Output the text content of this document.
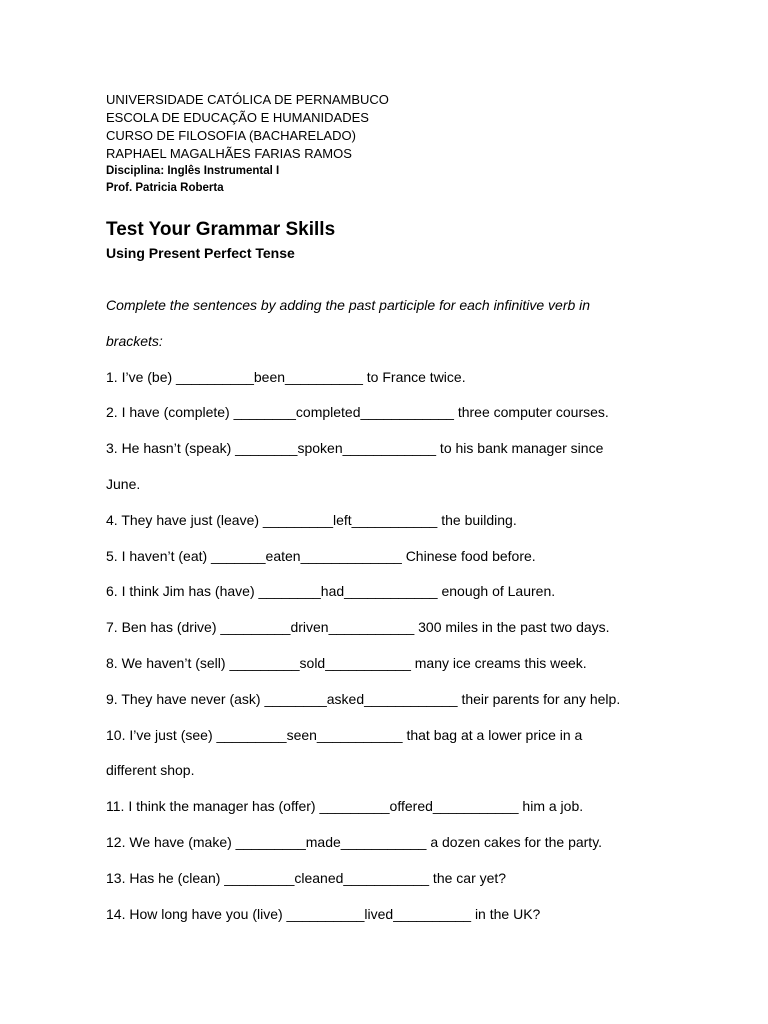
UNIVERSIDADE CATÓLICA DE PERNAMBUCO
ESCOLA DE EDUCAÇÃO E HUMANIDADES
CURSO DE FILOSOFIA (BACHARELADO)
RAPHAEL MAGALHÃES FARIAS RAMOS
Disciplina: Inglês Instrumental I
Prof. Patricia Roberta
Test Your Grammar Skills
Using Present Perfect Tense
Complete the sentences by adding the past participle for each infinitive verb in
brackets:
1. I’ve (be) __________been__________ to France twice.
2. I have (complete) ________completed____________ three computer courses.
3. He hasn’t (speak) ________spoken____________ to his bank manager since
June.
4. They have just (leave) _________left___________ the building.
5. I haven’t (eat) _______eaten_____________ Chinese food before.
6. I think Jim has (have) ________had____________ enough of Lauren.
7. Ben has (drive) _________driven___________ 300 miles in the past two days.
8. We haven’t (sell) _________sold___________ many ice creams this week.
9. They have never (ask) ________asked____________ their parents for any help.
10. I’ve just (see) _________seen___________ that bag at a lower price in a
different shop.
11. I think the manager has (offer) _________offered___________ him a job.
12. We have (make) _________made___________ a dozen cakes for the party.
13. Has he (clean) _________cleaned___________ the car yet?
14. How long have you (live) __________lived__________ in the UK?
